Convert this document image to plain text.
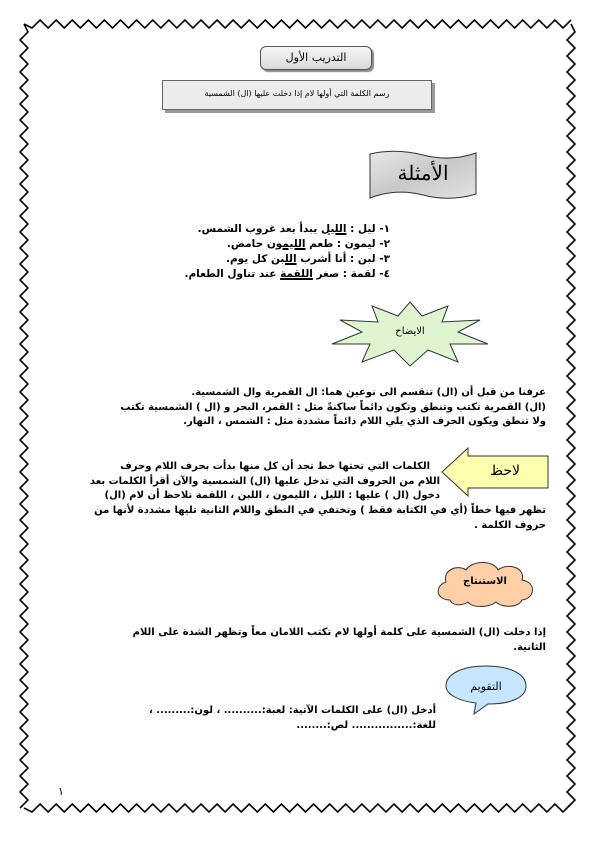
التدريب الأول
رسم الكلمة التي أولها لام إذا دخلت عليها (ال) الشمسية
الأمثلة
١- ليل : الليل يبدأ بعد غروب الشمس.
٢- ليمون : طعم الليمون حامض.
٣- لبن : أنا أشرب اللبن كل يوم.
٤- لقمة : صغر اللقمة عند تناول الطعام.
الايضاح
عرفنا من قبل أن (ال) تنقسم الى نوعين هما: ال القمرية وال الشمسية.
(ال) القمرية تكتب وتنطق وتكون دائماً ساكنةً مثل : القمر، البحر و (ال ) الشمسية تكتب
ولا تنطق ويكون الحرف الذي يلي اللام دائماً مشددة مثل : الشمس ، النهار.
لاحظ
الكلمات التي تحتها خط تجد أن كل منها بدأت بحرف اللام وحرف
اللام من الحروف التي تدخل عليها (ال) الشمسية والآن أقرأ الكلمات بعد
دخول (ال ) عليها : الليل ، الليمون ، اللبن ، اللقمة نلاحظ أن لام (ال)
تظهر فيها خطاً (أي في الكتابة فقط ) وتختفي في النطق واللام الثانية تليها مشددة لأنها من
حروف الكلمة .
الاستنتاج
إذا دخلت (ال) الشمسية على كلمة أولها لام تكتب اللامان معاً وتظهر الشدة على اللام
الثانية.
التقويم
أدخل (ال) على الكلمات الآتية: لعبة:.......... ، لون:......... ،
للغة:................ لص:........
١
